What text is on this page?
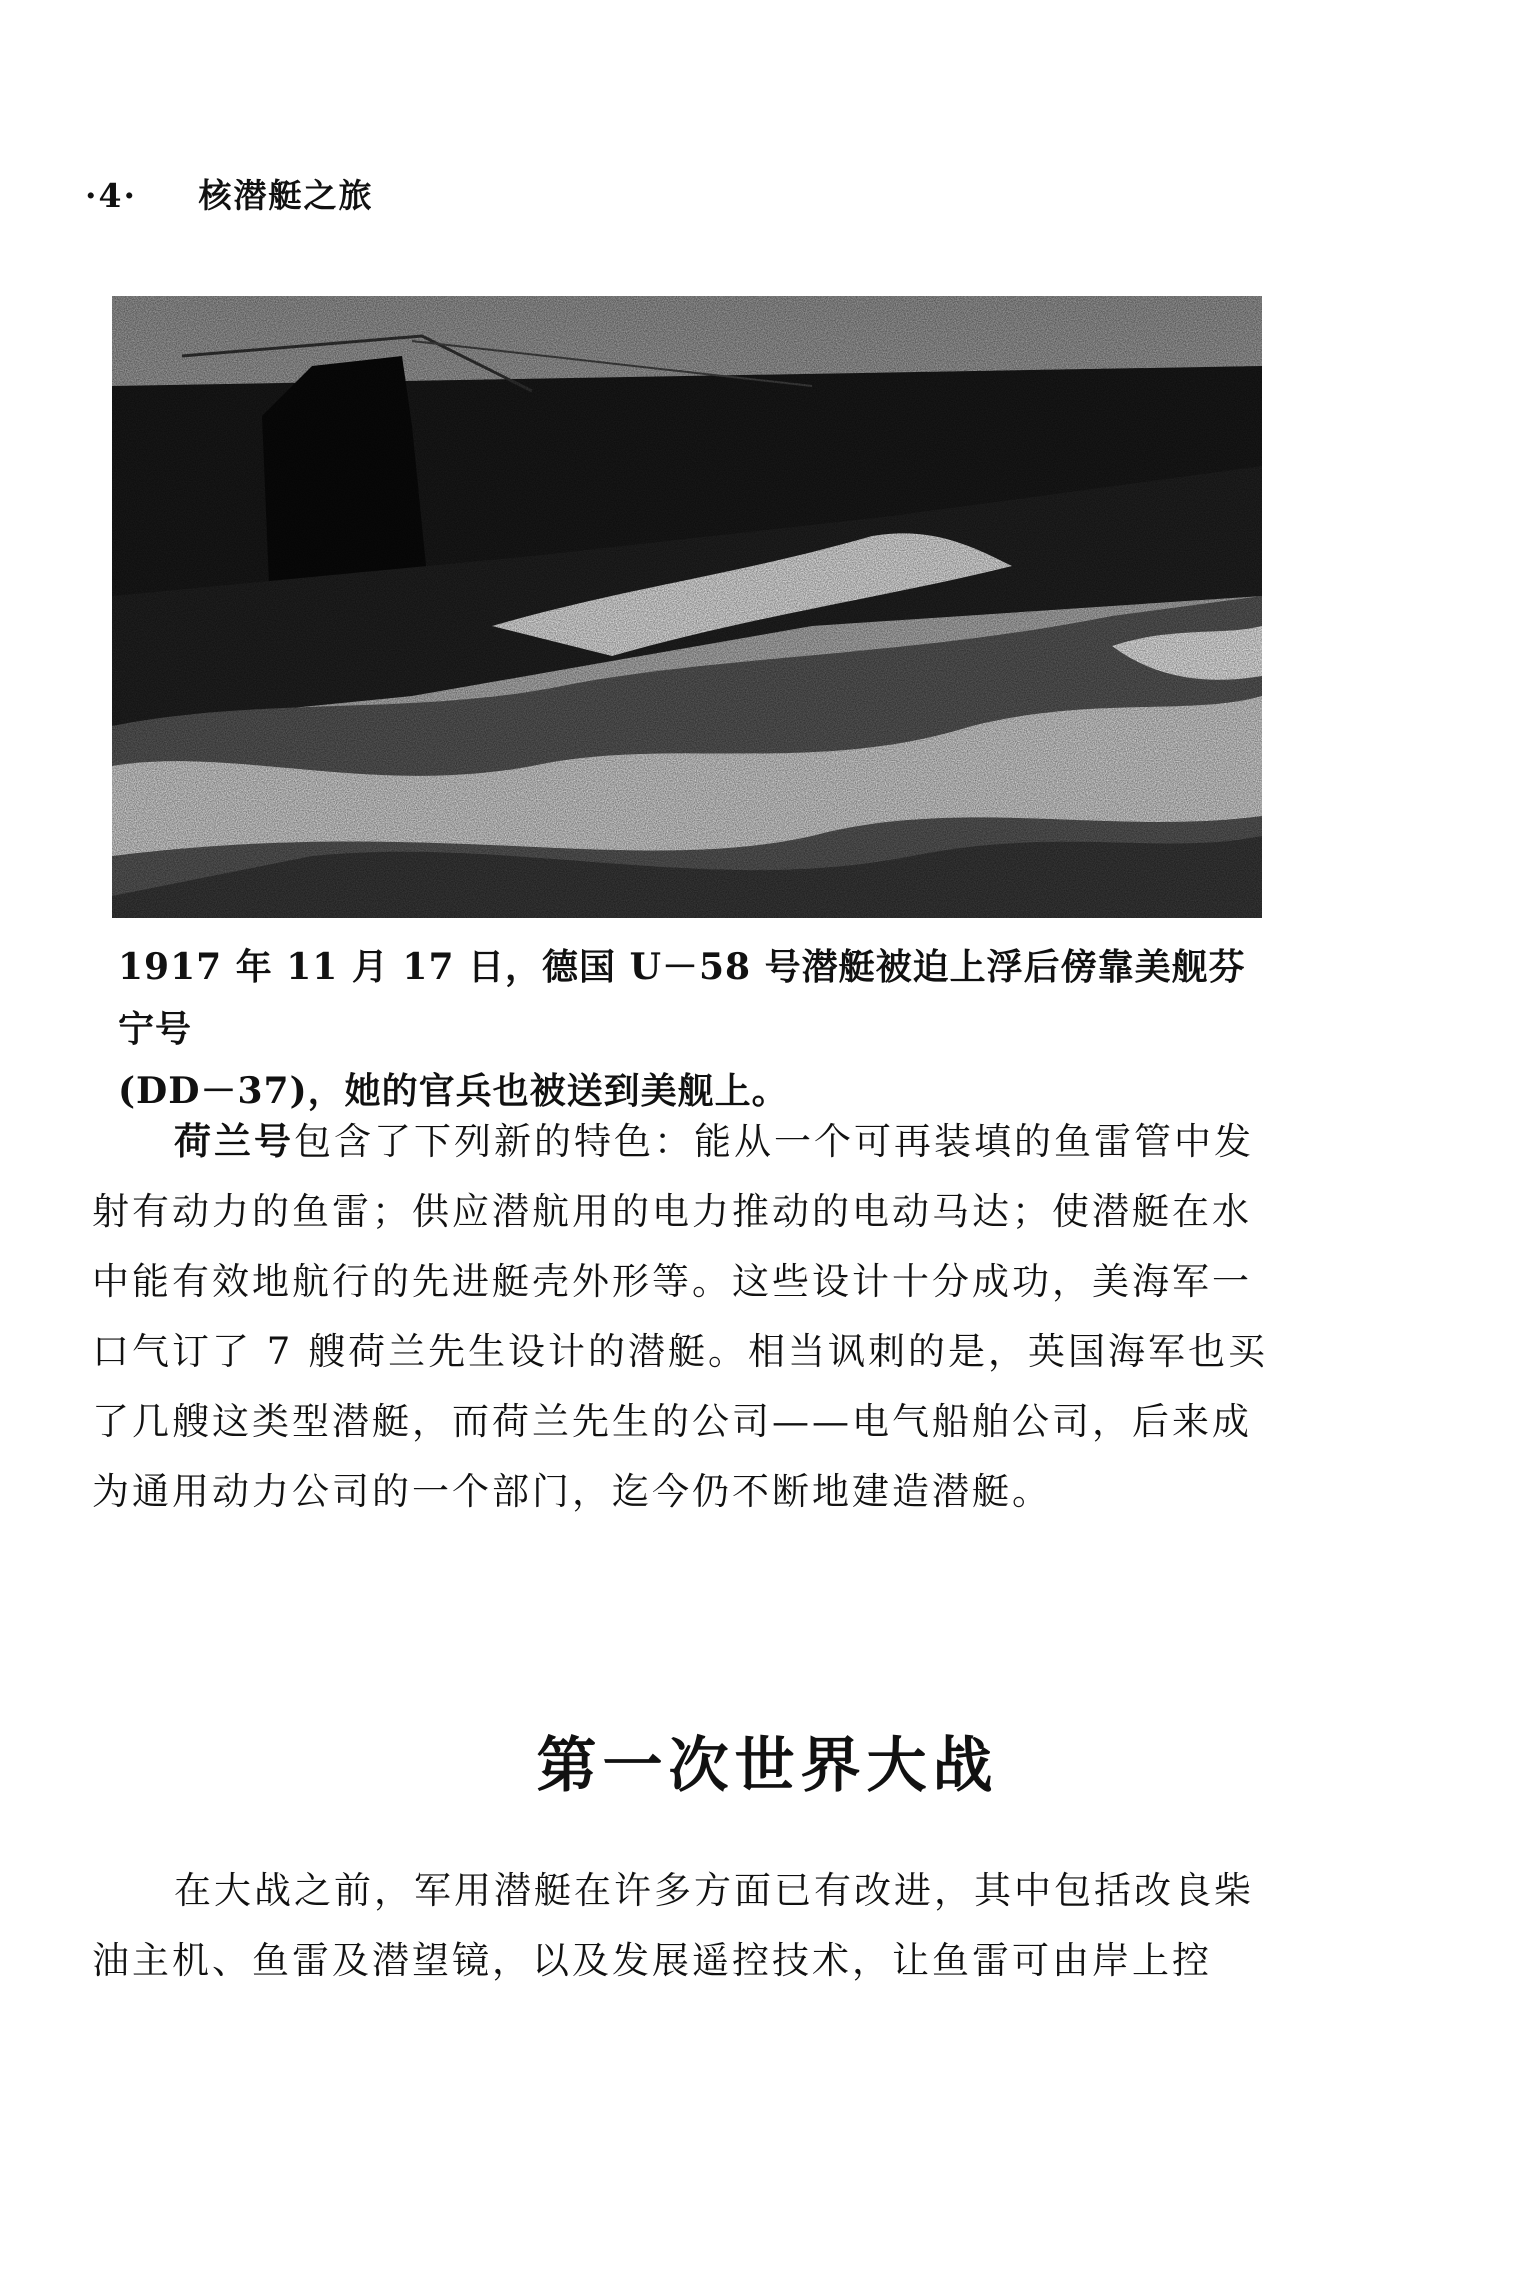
·4· 核潜艇之旅
1917 年 11 月 17 日，德国 U－58 号潜艇被迫上浮后傍靠美舰芬宁号
(DD－37)，她的官兵也被送到美舰上。
荷兰号包含了下列新的特色：能从一个可再装填的鱼雷管中发射有动力的鱼雷；供应潜航用的电力推动的电动马达；使潜艇在水中能有效地航行的先进艇壳外形等。这些设计十分成功，美海军一口气订了 7 艘荷兰先生设计的潜艇。相当讽刺的是，英国海军也买了几艘这类型潜艇，而荷兰先生的公司——电气船舶公司，后来成为通用动力公司的一个部门，迄今仍不断地建造潜艇。
第一次世界大战
在大战之前，军用潜艇在许多方面已有改进，其中包括改良柴油主机、鱼雷及潜望镜，以及发展遥控技术，让鱼雷可由岸上控
